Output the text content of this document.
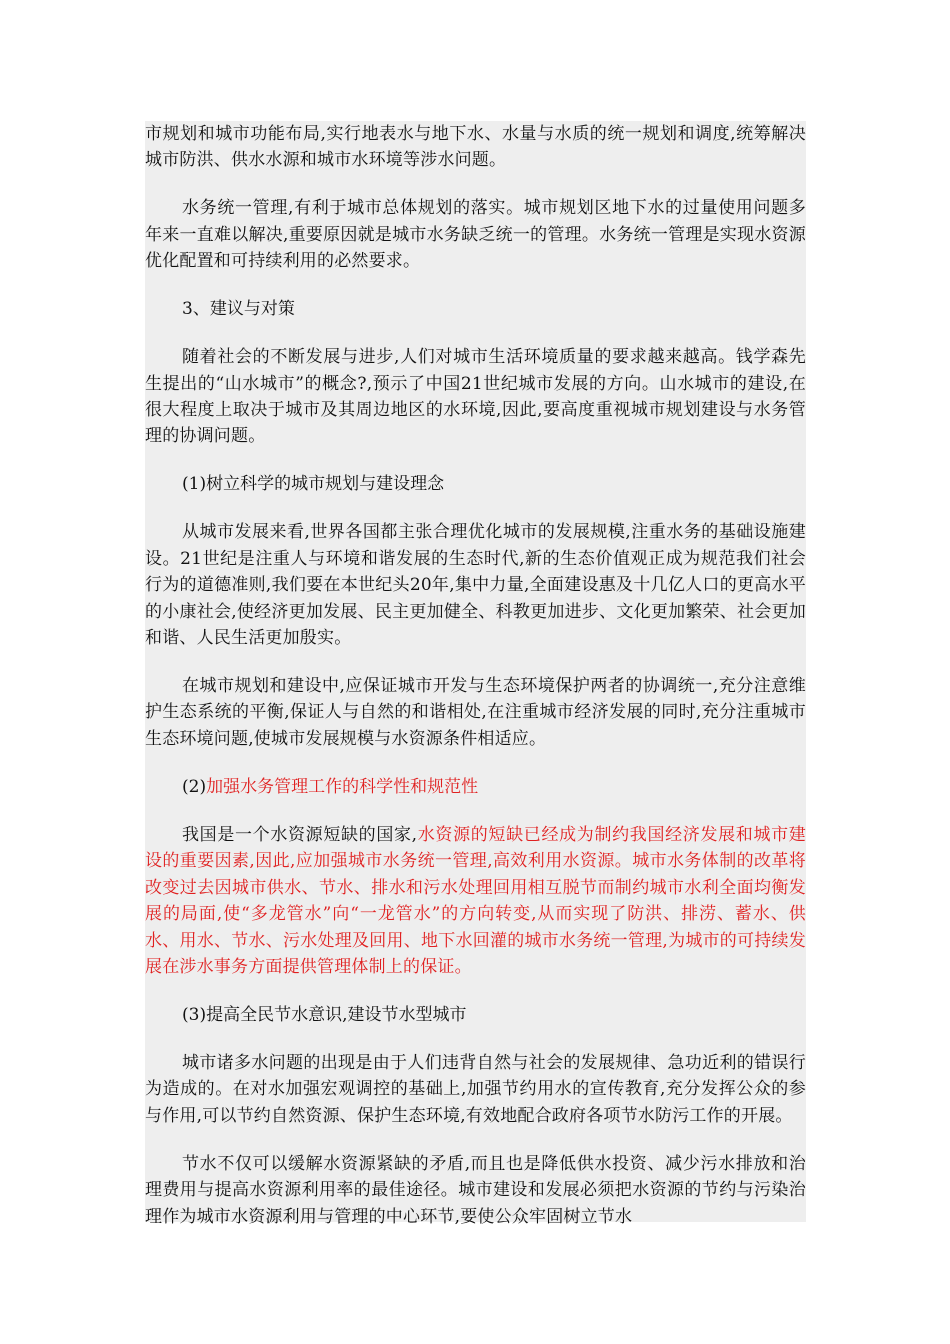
市规划和城市功能布局,实行地表水与地下水、水量与水质的统一规划和调度,统筹解决城市防洪、供水水源和城市水环境等涉水问题。

水务统一管理,有利于城市总体规划的落实。城市规划区地下水的过量使用问题多年来一直难以解决,重要原因就是城市水务缺乏统一的管理。水务统一管理是实现水资源优化配置和可持续利用的必然要求。

3、建议与对策

随着社会的不断发展与进步,人们对城市生活环境质量的要求越来越高。钱学森先生提出的“山水城市”的概念?,预示了中国21世纪城市发展的方向。山水城市的建设,在很大程度上取决于城市及其周边地区的水环境,因此,要高度重视城市规划建设与水务管理的协调问题。

(1)树立科学的城市规划与建设理念

从城市发展来看,世界各国都主张合理优化城市的发展规模,注重水务的基础设施建设。21世纪是注重人与环境和谐发展的生态时代,新的生态价值观正成为规范我们社会行为的道德准则,我们要在本世纪头20年,集中力量,全面建设惠及十几亿人口的更高水平的小康社会,使经济更加发展、民主更加健全、科教更加进步、文化更加繁荣、社会更加和谐、人民生活更加殷实。

在城市规划和建设中,应保证城市开发与生态环境保护两者的协调统一,充分注意维护生态系统的平衡,保证人与自然的和谐相处,在注重城市经济发展的同时,充分注重城市生态环境问题,使城市发展规模与水资源条件相适应。

(2)加强水务管理工作的科学性和规范性

我国是一个水资源短缺的国家,水资源的短缺已经成为制约我国经济发展和城市建设的重要因素,因此,应加强城市水务统一管理,高效利用水资源。城市水务体制的改革将改变过去因城市供水、节水、排水和污水处理回用相互脱节而制约城市水利全面均衡发展的局面,使“多龙管水”向“一龙管水”的方向转变,从而实现了防洪、排涝、蓄水、供水、用水、节水、污水处理及回用、地下水回灌的城市水务统一管理,为城市的可持续发展在涉水事务方面提供管理体制上的保证。

(3)提高全民节水意识,建设节水型城市

城市诸多水问题的出现是由于人们违背自然与社会的发展规律、急功近利的错误行为造成的。在对水加强宏观调控的基础上,加强节约用水的宣传教育,充分发挥公众的参与作用,可以节约自然资源、保护生态环境,有效地配合政府各项节水防污工作的开展。

节水不仅可以缓解水资源紧缺的矛盾,而且也是降低供水投资、减少污水排放和治理费用与提高水资源利用率的最佳途径。城市建设和发展必须把水资源的节约与污染治理作为城市水资源利用与管理的中心环节,要使公众牢固树立节水
